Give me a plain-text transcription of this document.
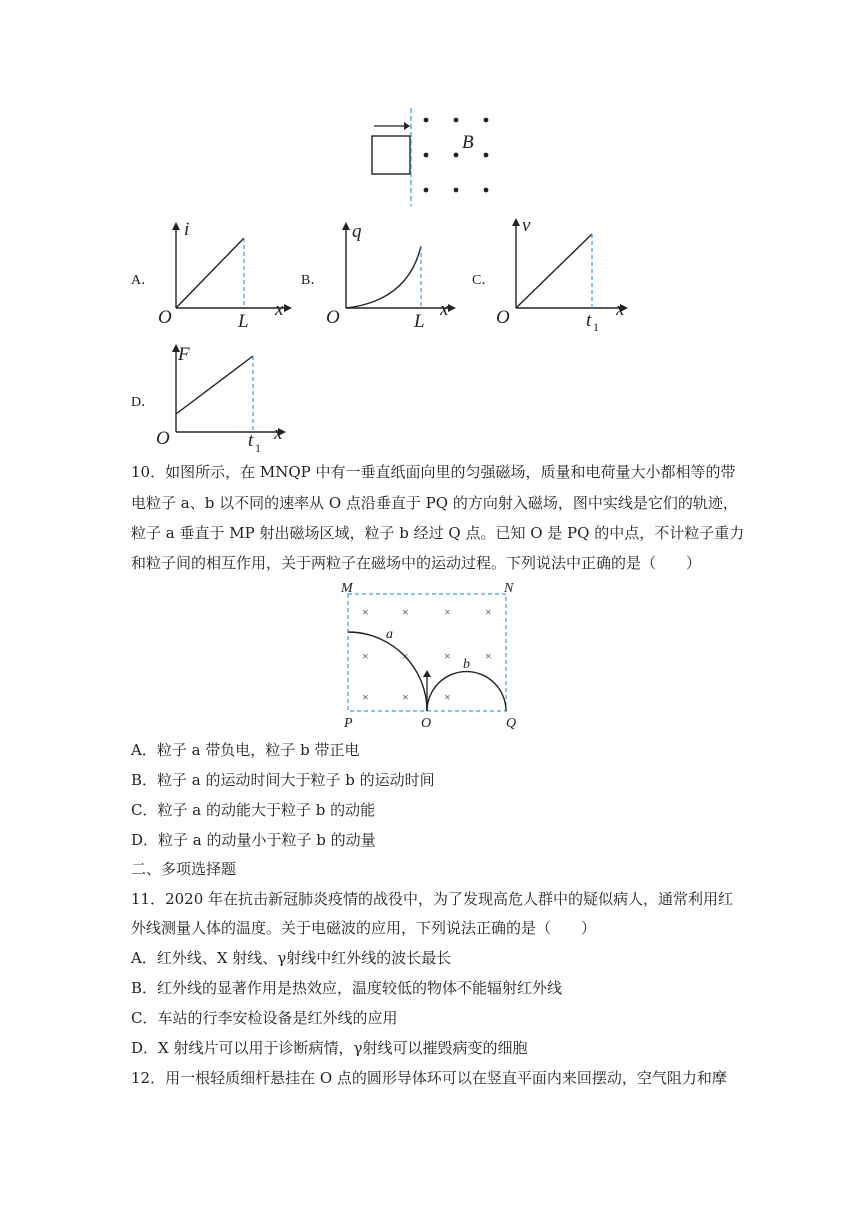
B
A．
i
x
O	L
B．
q
x
O	L
C．
v
x
O	t 1
D．
F
x
O	t 1
10．如图所示，在 MNQP 中有一垂直纸面向里的匀强磁场，质量和电荷量大小都相等的带
电粒子 a、b 以不同的速率从 O 点沿垂直于 PQ 的方向射入磁场，图中实线是它们的轨迹，
粒子 a 垂直于 MP 射出磁场区域，粒子 b 经过 Q 点。已知 O 是 PQ 的中点，不计粒子重力
和粒子间的相互作用，关于两粒子在磁场中的运动过程。下列说法中正确的是（　　）
×	×	×	×
×	×	×	×
×	×	×
M	N
P	O	Q
a
b
A．粒子 a 带负电，粒子 b 带正电
B．粒子 a 的运动时间大于粒子 b 的运动时间
C．粒子 a 的动能大于粒子 b 的动能
D．粒子 a 的动量小于粒子 b 的动量
二、多项选择题
11．2020 年在抗击新冠肺炎疫情的战役中，为了发现高危人群中的疑似病人，通常利用红
外线测量人体的温度。关于电磁波的应用，下列说法正确的是（　　）
A．红外线、X 射线、γ射线中红外线的波长最长
B．红外线的显著作用是热效应，温度较低的物体不能辐射红外线
C．车站的行李安检设备是红外线的应用
D．X 射线片可以用于诊断病情，γ射线可以摧毁病变的细胞
12．用一根轻质细杆悬挂在 O 点的圆形导体环可以在竖直平面内来回摆动，空气阻力和摩
